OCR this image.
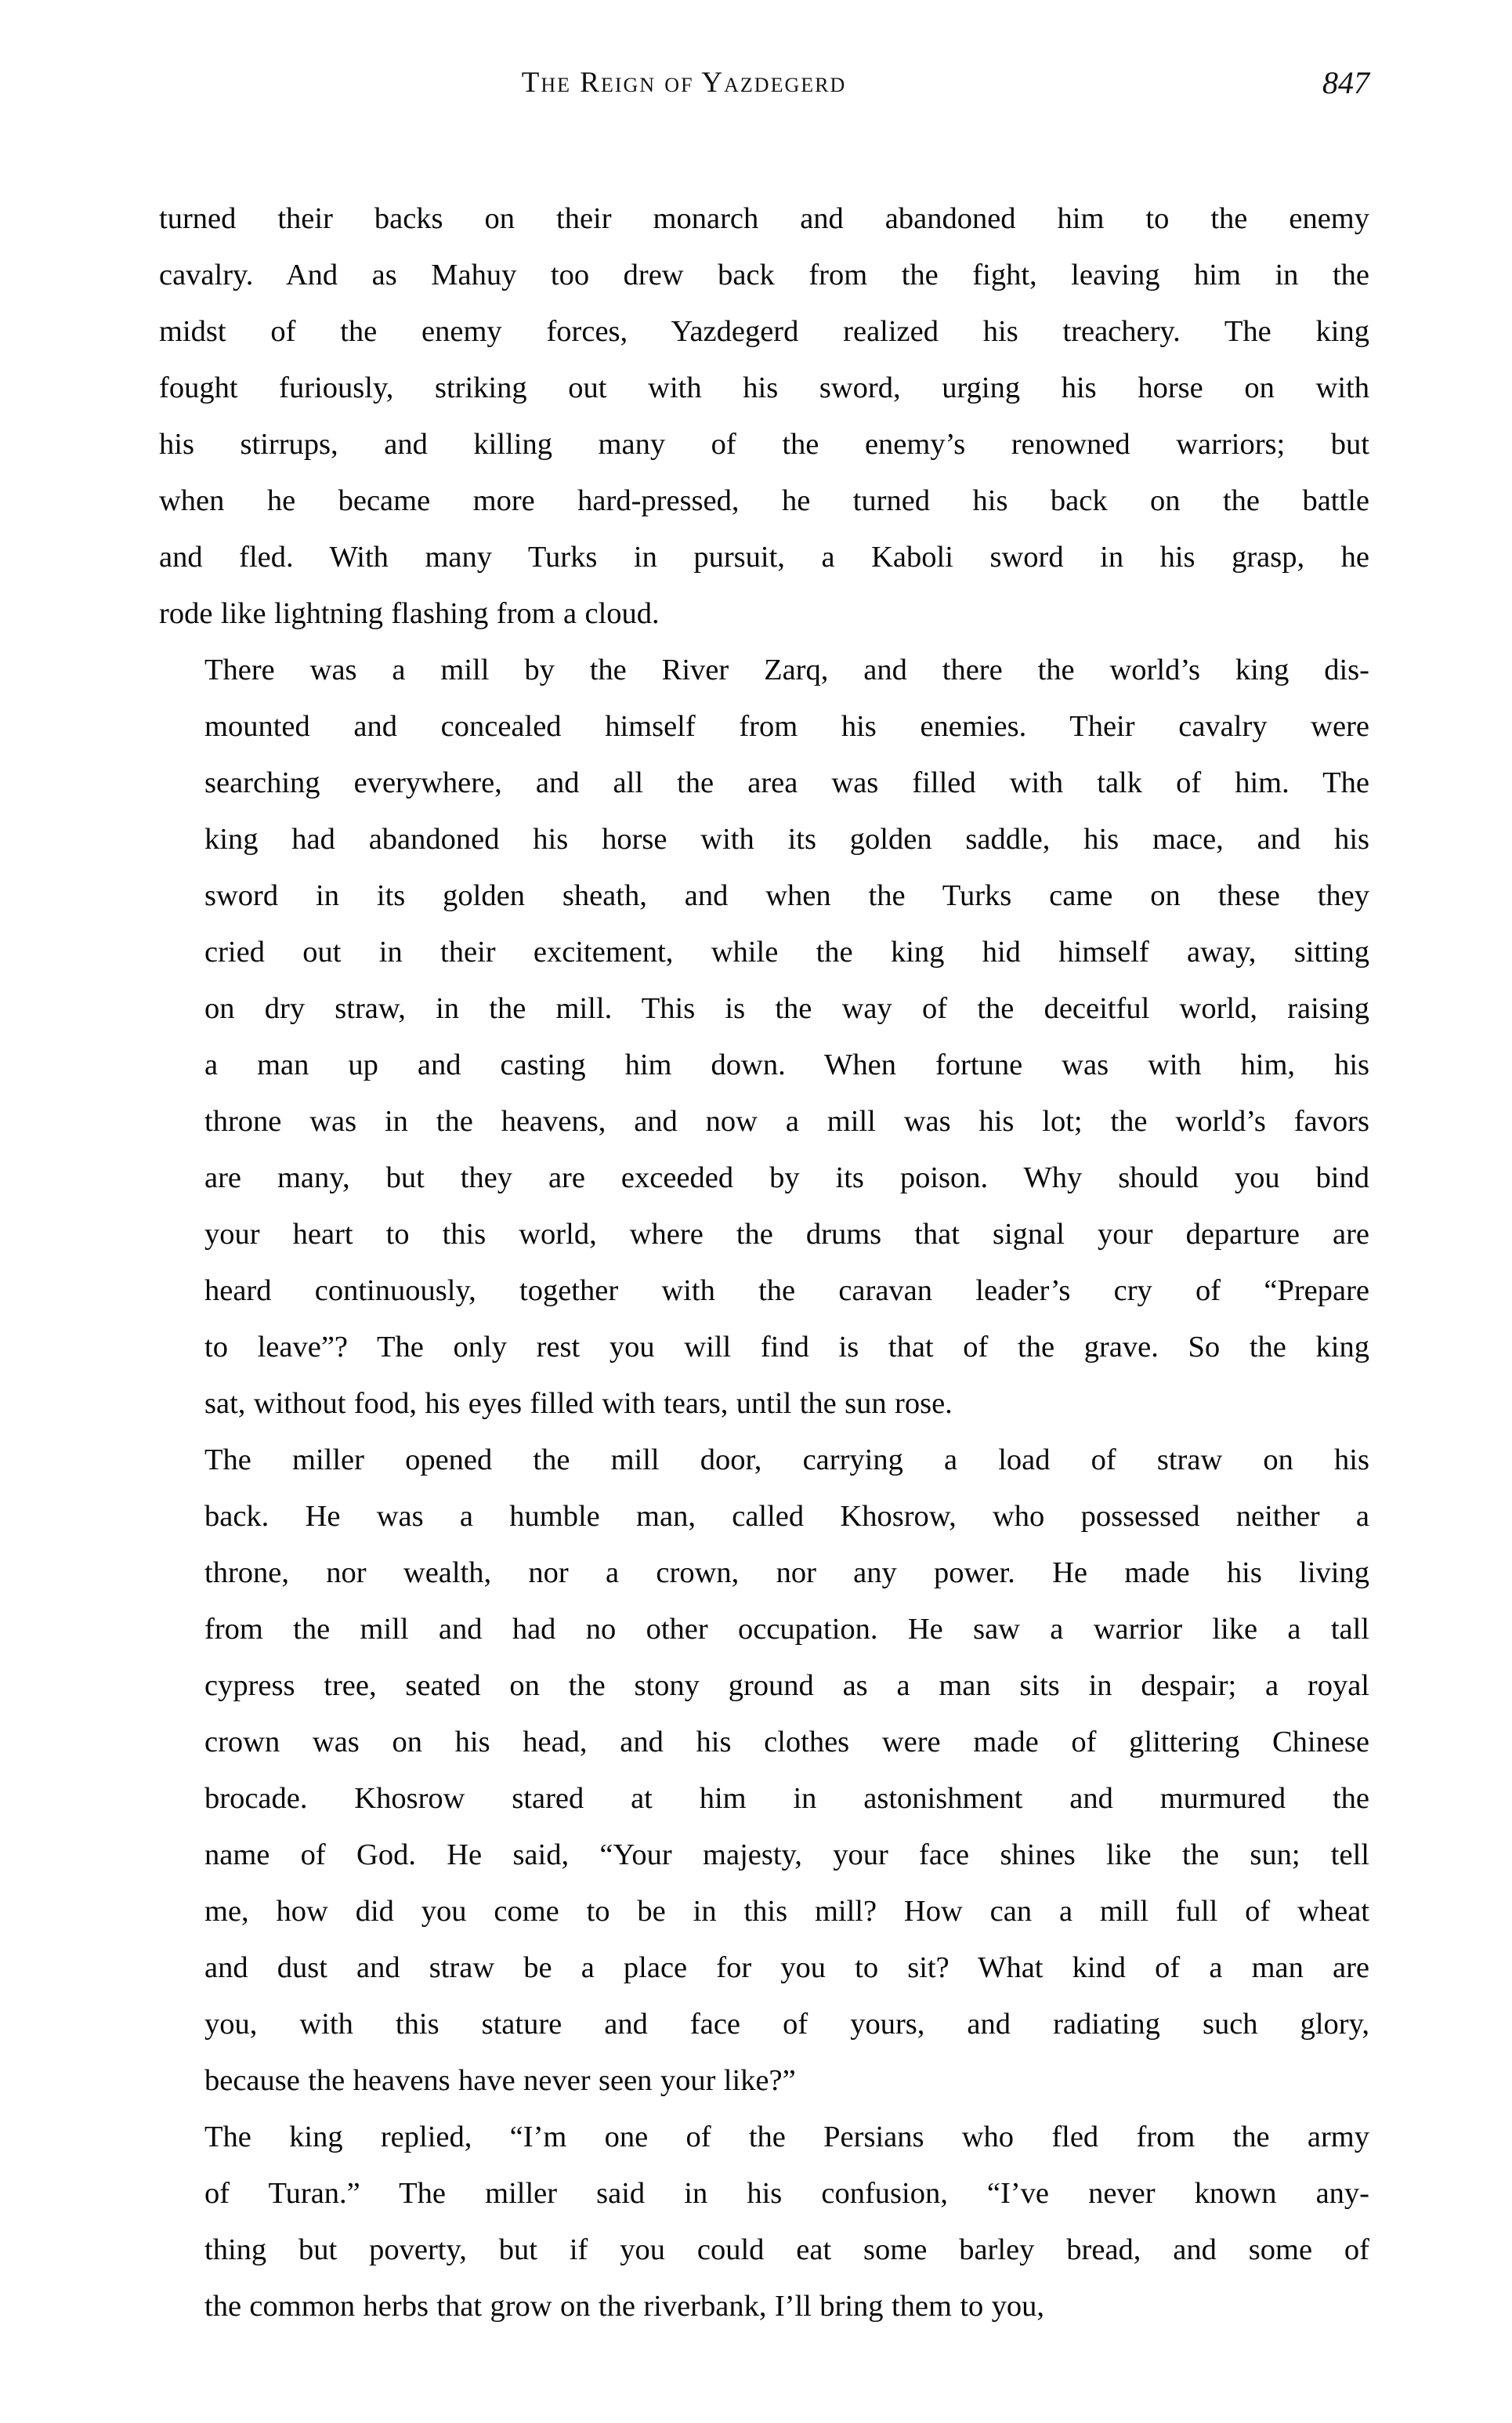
The Reign of Yazdegerd	847

turned their backs on their monarch and abandoned him to the enemy
cavalry. And as Mahuy too drew back from the fight, leaving him in the
midst of the enemy forces, Yazdegerd realized his treachery. The king
fought furiously, striking out with his sword, urging his horse on with
his stirrups, and killing many of the enemy’s renowned warriors; but
when he became more hard-pressed, he turned his back on the battle
and fled. With many Turks in pursuit, a Kaboli sword in his grasp, he
rode like lightning flashing from a cloud.

There was a mill by the River Zarq, and there the world’s king dis-
mounted and concealed himself from his enemies. Their cavalry were
searching everywhere, and all the area was filled with talk of him. The
king had abandoned his horse with its golden saddle, his mace, and his
sword in its golden sheath, and when the Turks came on these they
cried out in their excitement, while the king hid himself away, sitting
on dry straw, in the mill. This is the way of the deceitful world, raising
a man up and casting him down. When fortune was with him, his
throne was in the heavens, and now a mill was his lot; the world’s favors
are many, but they are exceeded by its poison. Why should you bind
your heart to this world, where the drums that signal your departure are
heard continuously, together with the caravan leader’s cry of “Prepare
to leave”? The only rest you will find is that of the grave. So the king
sat, without food, his eyes filled with tears, until the sun rose.

The miller opened the mill door, carrying a load of straw on his
back. He was a humble man, called Khosrow, who possessed neither a
throne, nor wealth, nor a crown, nor any power. He made his living
from the mill and had no other occupation. He saw a warrior like a tall
cypress tree, seated on the stony ground as a man sits in despair; a royal
crown was on his head, and his clothes were made of glittering Chinese
brocade. Khosrow stared at him in astonishment and murmured the
name of God. He said, “Your majesty, your face shines like the sun; tell
me, how did you come to be in this mill? How can a mill full of wheat
and dust and straw be a place for you to sit? What kind of a man are
you, with this stature and face of yours, and radiating such glory,
because the heavens have never seen your like?”

The king replied, “I’m one of the Persians who fled from the army
of Turan.” The miller said in his confusion, “I’ve never known any-
thing but poverty, but if you could eat some barley bread, and some of
the common herbs that grow on the riverbank, I’ll bring them to you,
